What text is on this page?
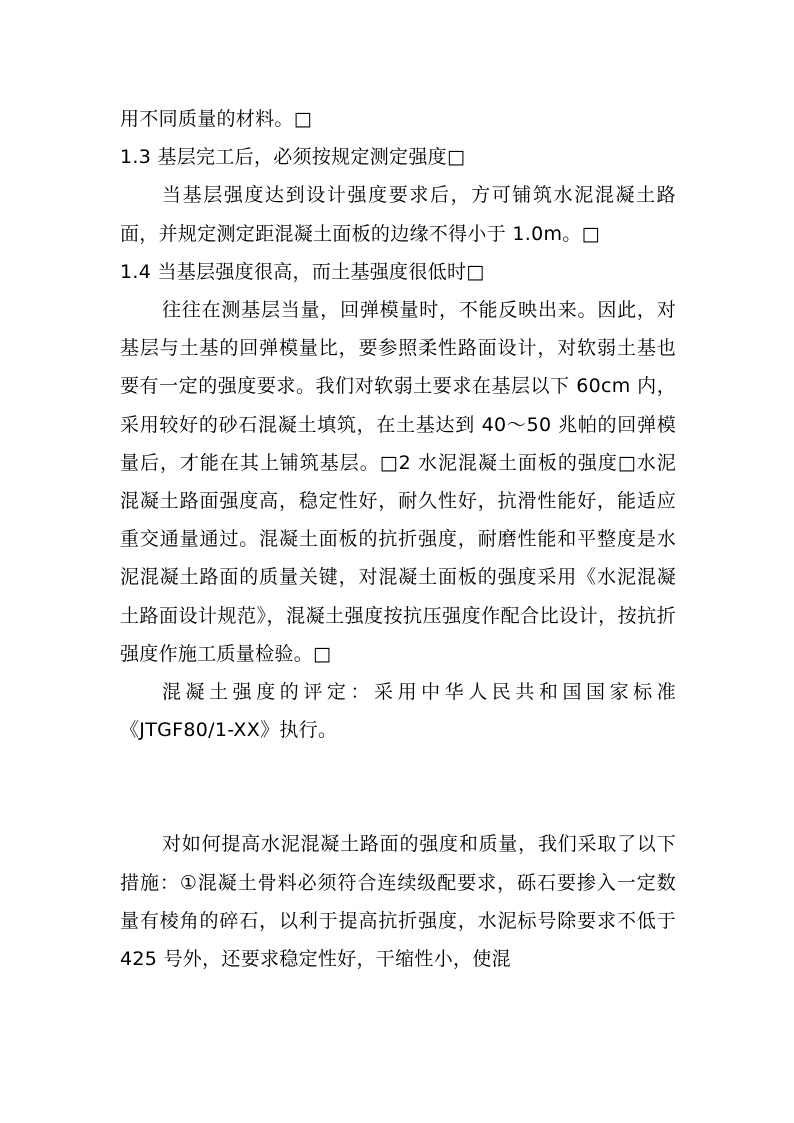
用不同质量的材料。□

1.3 基层完工后，必须按规定测定强度□

当基层强度达到设计强度要求后，方可铺筑水泥混凝土路面，并规定测定距混凝土面板的边缘不得小于 1.0m。□

1.4 当基层强度很高，而土基强度很低时□

往往在测基层当量，回弹模量时，不能反映出来。因此，对基层与土基的回弹模量比，要参照柔性路面设计，对软弱土基也要有一定的强度要求。我们对软弱土要求在基层以下 60cm 内，采用较好的砂石混凝土填筑，在土基达到 40～50 兆帕的回弹模量后，才能在其上铺筑基层。□2 水泥混凝土面板的强度□水泥混凝土路面强度高，稳定性好，耐久性好，抗滑性能好，能适应重交通量通过。混凝土面板的抗折强度，耐磨性能和平整度是水泥混凝土路面的质量关键，对混凝土面板的强度采用《水泥混凝土路面设计规范》，混凝土强度按抗压强度作配合比设计，按抗折强度作施工质量检验。□

混凝土强度的评定：采用中华人民共和国国家标准《JTGF80/1-XX》执行。

对如何提高水泥混凝土路面的强度和质量，我们采取了以下措施：①混凝土骨料必须符合连续级配要求，砾石要掺入一定数量有棱角的碎石，以利于提高抗折强度，水泥标号除要求不低于 425 号外，还要求稳定性好，干缩性小，使混
